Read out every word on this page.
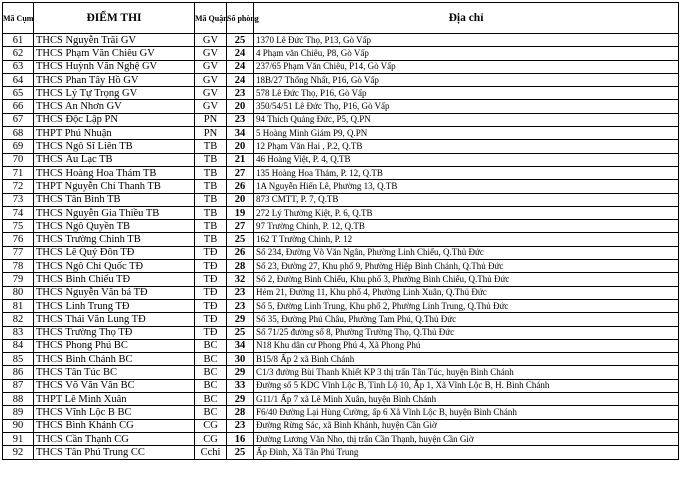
Mã Cụm	ĐIỂM THI	Mã Quận	Số phòng	Địa chỉ
61	THCS Nguyễn Trãi GV	GV	25	1370 Lê Đức Thọ, P13, Gò Vấp
62	THCS Phạm Văn Chiêu GV	GV	24	4 Phạm văn Chiêu, P8, Gò Vấp
63	THCS Huỳnh Văn Nghệ GV	GV	24	237/65 Phạm Văn Chiêu, P14, Gò Vấp
64	THCS Phan Tây Hồ GV	GV	24	18B/27 Thống Nhất, P16, Gò Vấp
65	THCS Lý Tự Trọng GV	GV	23	578 Lê Đức Thọ, P16, Gò Vấp
66	THCS An Nhơn GV	GV	20	350/54/51 Lê Đức Thọ, P16, Gò Vấp
67	THCS Độc Lập PN	PN	23	94 Thích Quảng Đức, P5, Q.PN
68	THPT Phú Nhuận	PN	34	5 Hoàng Minh Giám P9, Q.PN
69	THCS Ngô Sĩ Liên TB	TB	20	12 Phạm Văn Hai , P.2, Q.TB
70	THCS Âu Lạc TB	TB	21	46 Hoàng Việt, P. 4, Q.TB
71	THCS Hoàng Hoa Thám TB	TB	27	135 Hoàng Hoa Thám, P. 12, Q.TB
72	THPT Nguyễn Chí Thanh TB	TB	26	1A Nguyễn Hiến Lê, Phường 13, Q.TB
73	THCS Tân Bình TB	TB	20	873 CMTT, P. 7, Q.TB
74	THCS Nguyễn Gia Thiều TB	TB	19	272 Lý Thường Kiệt, P. 6, Q.TB
75	THCS Ngô Quyền TB	TB	27	97 Trường Chinh, P. 12, Q.TB
76	THCS Trường Chinh TB	TB	25	162 T Trường Chinh, P. 12
77	THCS Lê Quý Đôn TĐ	TĐ	26	Số 234, Đường Võ Văn Ngân, Phường Linh Chiểu, Q.Thủ Đức
78	THCS Ngô Chí Quốc TĐ	TĐ	28	Số 23, Đường 27, Khu phố 9, Phường Hiệp Bình Chánh, Q.Thủ Đức
79	THCS Bình Chiểu TĐ	TĐ	32	Số 2, Đường Bình Chiểu, Khu phố 3, Phường Bình Chiểu, Q.Thủ Đức
80	THCS Nguyễn Văn bá TĐ	TĐ	23	Hẻm 21, Đường 11, Khu phố 4, Phường Linh Xuân, Q.Thủ Đức
81	THCS Linh Trung TĐ	TĐ	23	Số 5, Đường Linh Trung, Khu phố 2, Phường Linh Trung, Q.Thủ Đức
82	THCS Thái Văn Lung TĐ	TĐ	29	Số 35, Đường Phú Châu, Phường Tam Phú, Q.Thủ Đức
83	THCS Trường Thọ TĐ	TĐ	25	Số 71/25 đường số 8, Phường Trường Thọ, Q.Thủ Đức
84	THCS Phong Phú BC	BC	34	N18 Khu dân cư Phong Phú 4, Xã Phong Phú
85	THCS Bình Chánh BC	BC	30	B15/8 Ấp 2 xã Bình Chánh
86	THCS Tân Túc BC	BC	29	C1/3 đường Bùi Thanh Khiết KP 3 thị trấn Tân Túc, huyện Bình Chánh
87	THCS Võ Văn Vân BC	BC	33	Đường số 5 KDC Vĩnh Lộc B, Tỉnh Lộ 10, Ấp 1, Xã Vĩnh Lộc B, H. Bình Chánh
88	THPT Lê Minh Xuân	BC	29	G11/1 Ấp 7 xã Lê Minh Xuân, huyện Bình Chánh
89	THCS Vĩnh Lộc B BC	BC	28	F6/40 Đường Lại Hùng Cường, ấp 6 Xã Vĩnh Lộc B, huyện Bình Chánh
90	THCS Bình Khánh CG	CG	23	Đường Rừng Sác, xã Bình Khánh, huyện Cần Giờ
91	THCS Cần Thạnh CG	CG	16	Đường Lương Văn Nho, thị trấn Cần Thạnh, huyện Cần Giờ
92	THCS Tân Phú Trung CC	Cchi	25	Ấp Đình, Xã Tân Phú Trung
